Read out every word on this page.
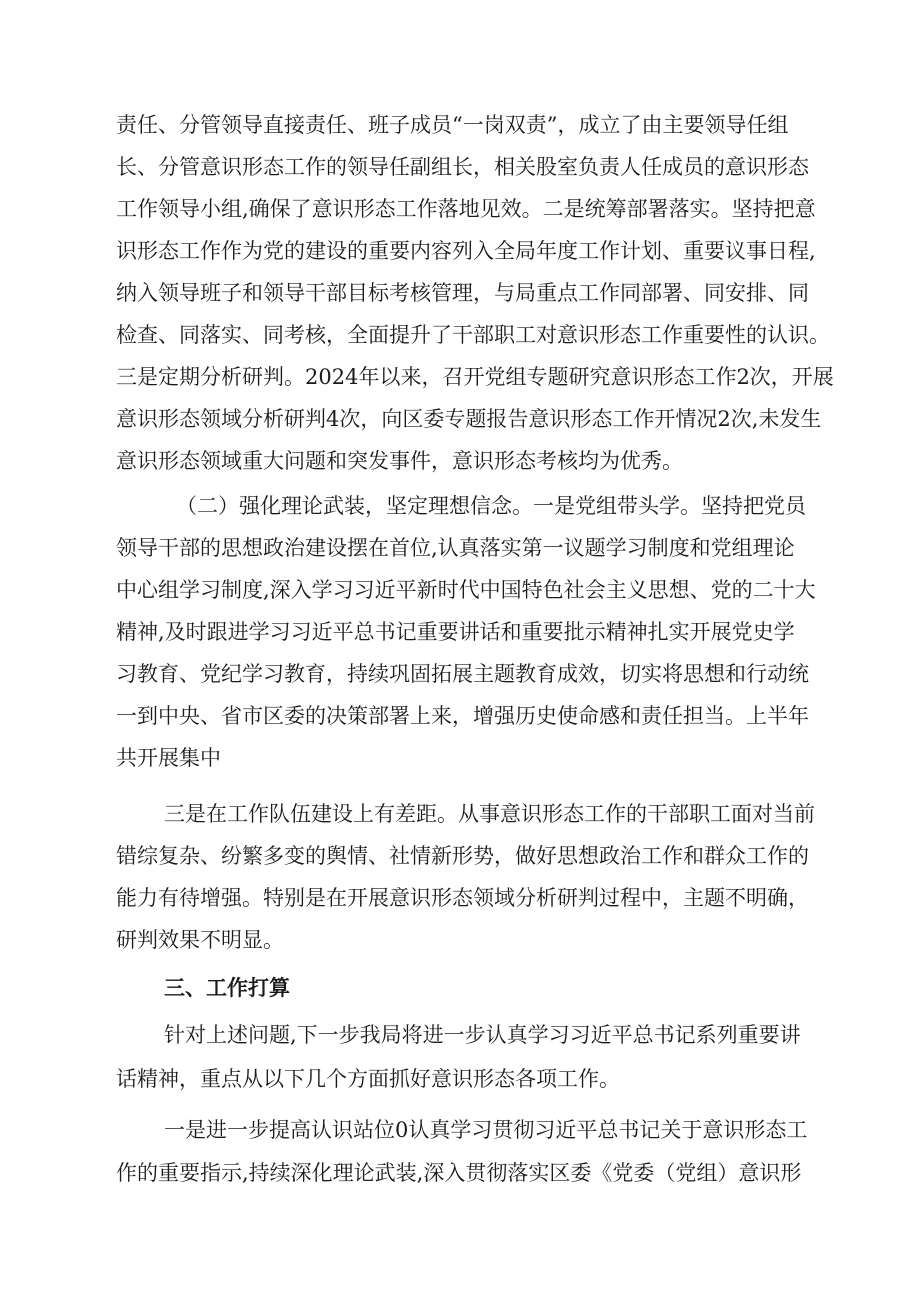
责任、分管领导直接责任、班子成员“一岗双责”，成立了由主要领导任组
长、分管意识形态工作的领导任副组长，相关股室负责人任成员的意识形态
工作领导小组,确保了意识形态工作落地见效。二是统筹部署落实。坚持把意
识形态工作作为党的建设的重要内容列入全局年度工作计划、重要议事日程,
纳入领导班子和领导干部目标考核管理，与局重点工作同部署、同安排、同
检查、同落实、同考核，全面提升了干部职工对意识形态工作重要性的认识。
三是定期分析研判。2024年以来，召开党组专题研究意识形态工作2次，开展
意识形态领域分析研判4次，向区委专题报告意识形态工作开情况2次,未发生
意识形态领域重大问题和突发事件，意识形态考核均为优秀。
（二）强化理论武装，坚定理想信念。一是党组带头学。坚持把党员
领导干部的思想政治建设摆在首位,认真落实第一议题学习制度和党组理论
中心组学习制度,深入学习习近平新时代中国特色社会主义思想、党的二十大
精神,及时跟进学习习近平总书记重要讲话和重要批示精神扎实开展党史学
习教育、党纪学习教育，持续巩固拓展主题教育成效，切实将思想和行动统
一到中央、省市区委的决策部署上来，增强历史使命感和责任担当。上半年
共开展集中
三是在工作队伍建设上有差距。从事意识形态工作的干部职工面对当前
错综复杂、纷繁多变的舆情、社情新形势，做好思想政治工作和群众工作的
能力有待增强。特别是在开展意识形态领域分析研判过程中，主题不明确，
研判效果不明显。
三、工作打算
针对上述问题,下一步我局将进一步认真学习习近平总书记系列重要讲
话精神，重点从以下几个方面抓好意识形态各项工作。
一是进一步提高认识站位0认真学习贯彻习近平总书记关于意识形态工
作的重要指示,持续深化理论武装,深入贯彻落实区委《党委（党组）意识形
